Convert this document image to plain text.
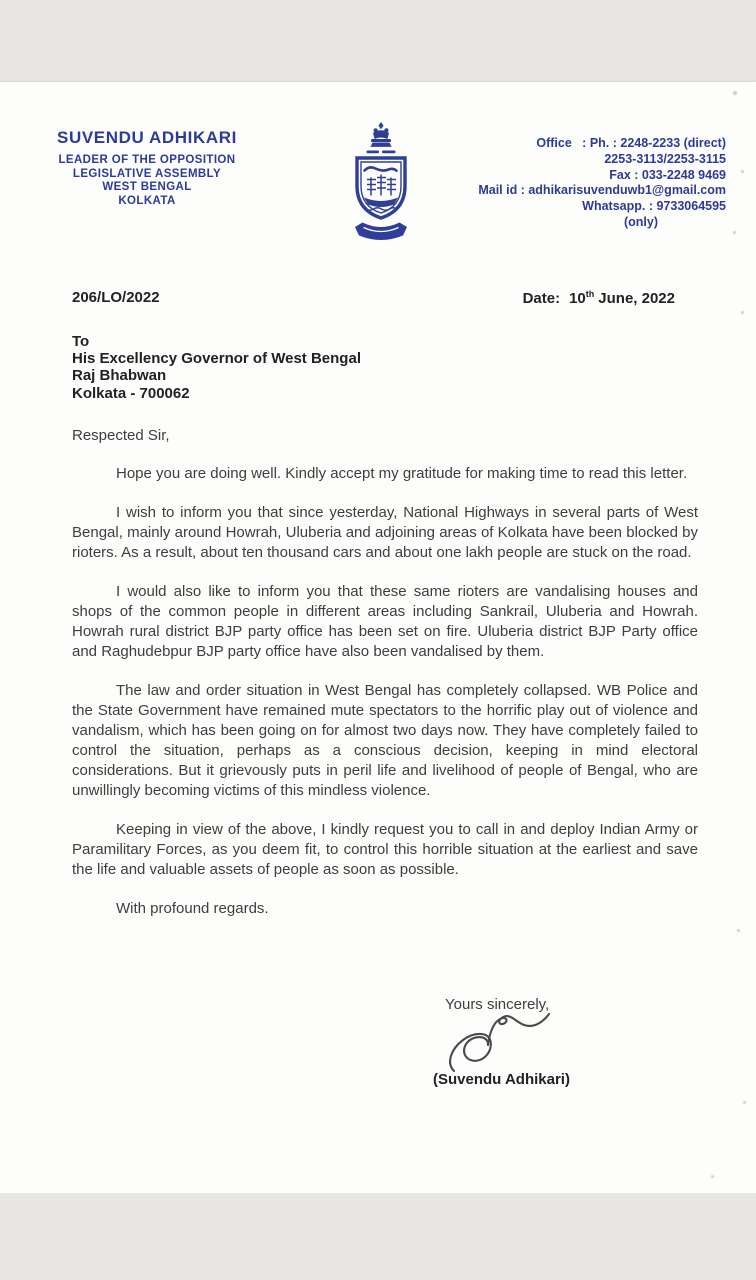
SUVENDU ADHIKARI
LEADER OF THE OPPOSITION
LEGISLATIVE ASSEMBLY
WEST BENGAL
KOLKATA
Office   : Ph. : 2248-2233 (direct)
2253-3113/2253-3115
Fax : 033-2248 9469
Mail id : adhikarisuvenduwb1@gmail.com
Whatsapp. : 9733064595
(only)
206/LO/2022	Date: 10th June, 2022
To
His Excellency Governor of West Bengal
Raj Bhabwan
Kolkata - 700062
Respected Sir,

Hope you are doing well. Kindly accept my gratitude for making time to read this letter.

I wish to inform you that since yesterday, National Highways in several parts of West Bengal, mainly around Howrah, Uluberia and adjoining areas of Kolkata have been blocked by rioters. As a result, about ten thousand cars and about one lakh people are stuck on the road.

I would also like to inform you that these same rioters are vandalising houses and shops of the common people in different areas including Sankrail, Uluberia and Howrah. Howrah rural district BJP party office has been set on fire. Uluberia district BJP Party office and Raghudebpur BJP party office have also been vandalised by them.

The law and order situation in West Bengal has completely collapsed. WB Police and the State Government have remained mute spectators to the horrific play out of violence and vandalism, which has been going on for almost two days now. They have completely failed to control the situation, perhaps as a conscious decision, keeping in mind electoral considerations. But it grievously puts in peril life and livelihood of people of Bengal, who are unwillingly becoming victims of this mindless violence.

Keeping in view of the above, I kindly request you to call in and deploy Indian Army or Paramilitary Forces, as you deem fit, to control this horrible situation at the earliest and save the life and valuable assets of people as soon as possible.

With profound regards.
Yours sincerely,
(Suvendu Adhikari)
